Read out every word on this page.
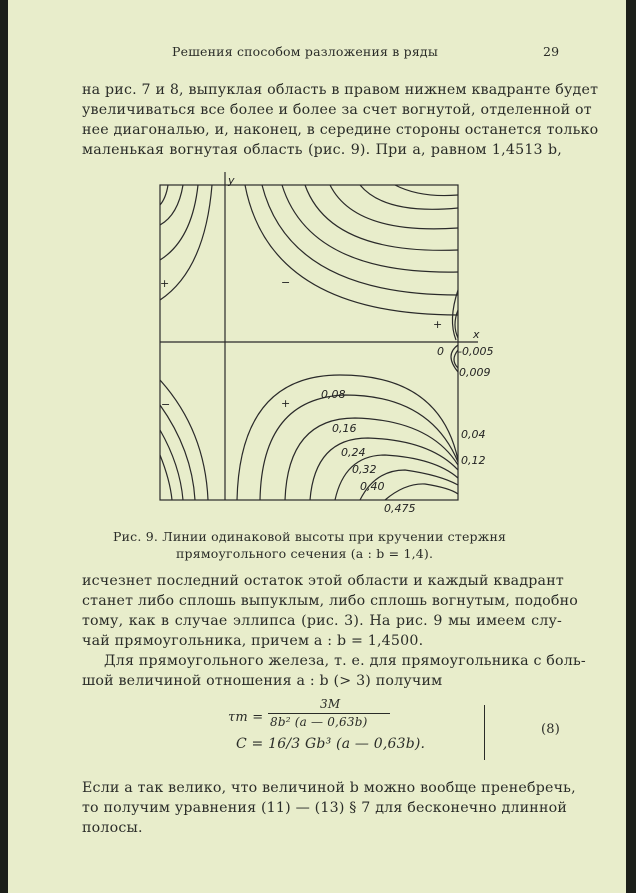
Решения способом разложения в ряды	29
на рис. 7 и 8, выпуклая область в правом нижнем квадранте будет
увеличиваться все более и более за счет вогнутой, отделенной от
нее диагональю, и, наконец, в середине стороны останется только
маленькая вогнутая область (рис. 9). При a, равном 1,4513 b,
y
x
+	−
+
−	+
0,08
0,16
0,24
0,32
0,40
0,475
0,04
0,12
0 -0,005
0,009
Рис. 9. Линии одинаковой высоты при кручении стержня
прямоугольного сечения (a : b = 1,4).
исчезнет последний остаток этой области и каждый квадрант
станет либо сплошь выпуклым, либо сплошь вогнутым, подобно
тому, как в случае эллипса (рис. 3). На рис. 9 мы имеем слу-
чай прямоугольника, причем a : b = 1,4500.
Для прямоугольного железа, т. е. для прямоугольника с боль-
шой величиной отношения a : b (> 3) получим
τm =
3M
8b² (a — 0,63b)
C = 16/3 Gb³ (a — 0,63b).
(8)
Если a так велико, что величиной b можно вообще пренебречь,
то получим уравнения (11) — (13) § 7 для бесконечно длинной
полосы.
